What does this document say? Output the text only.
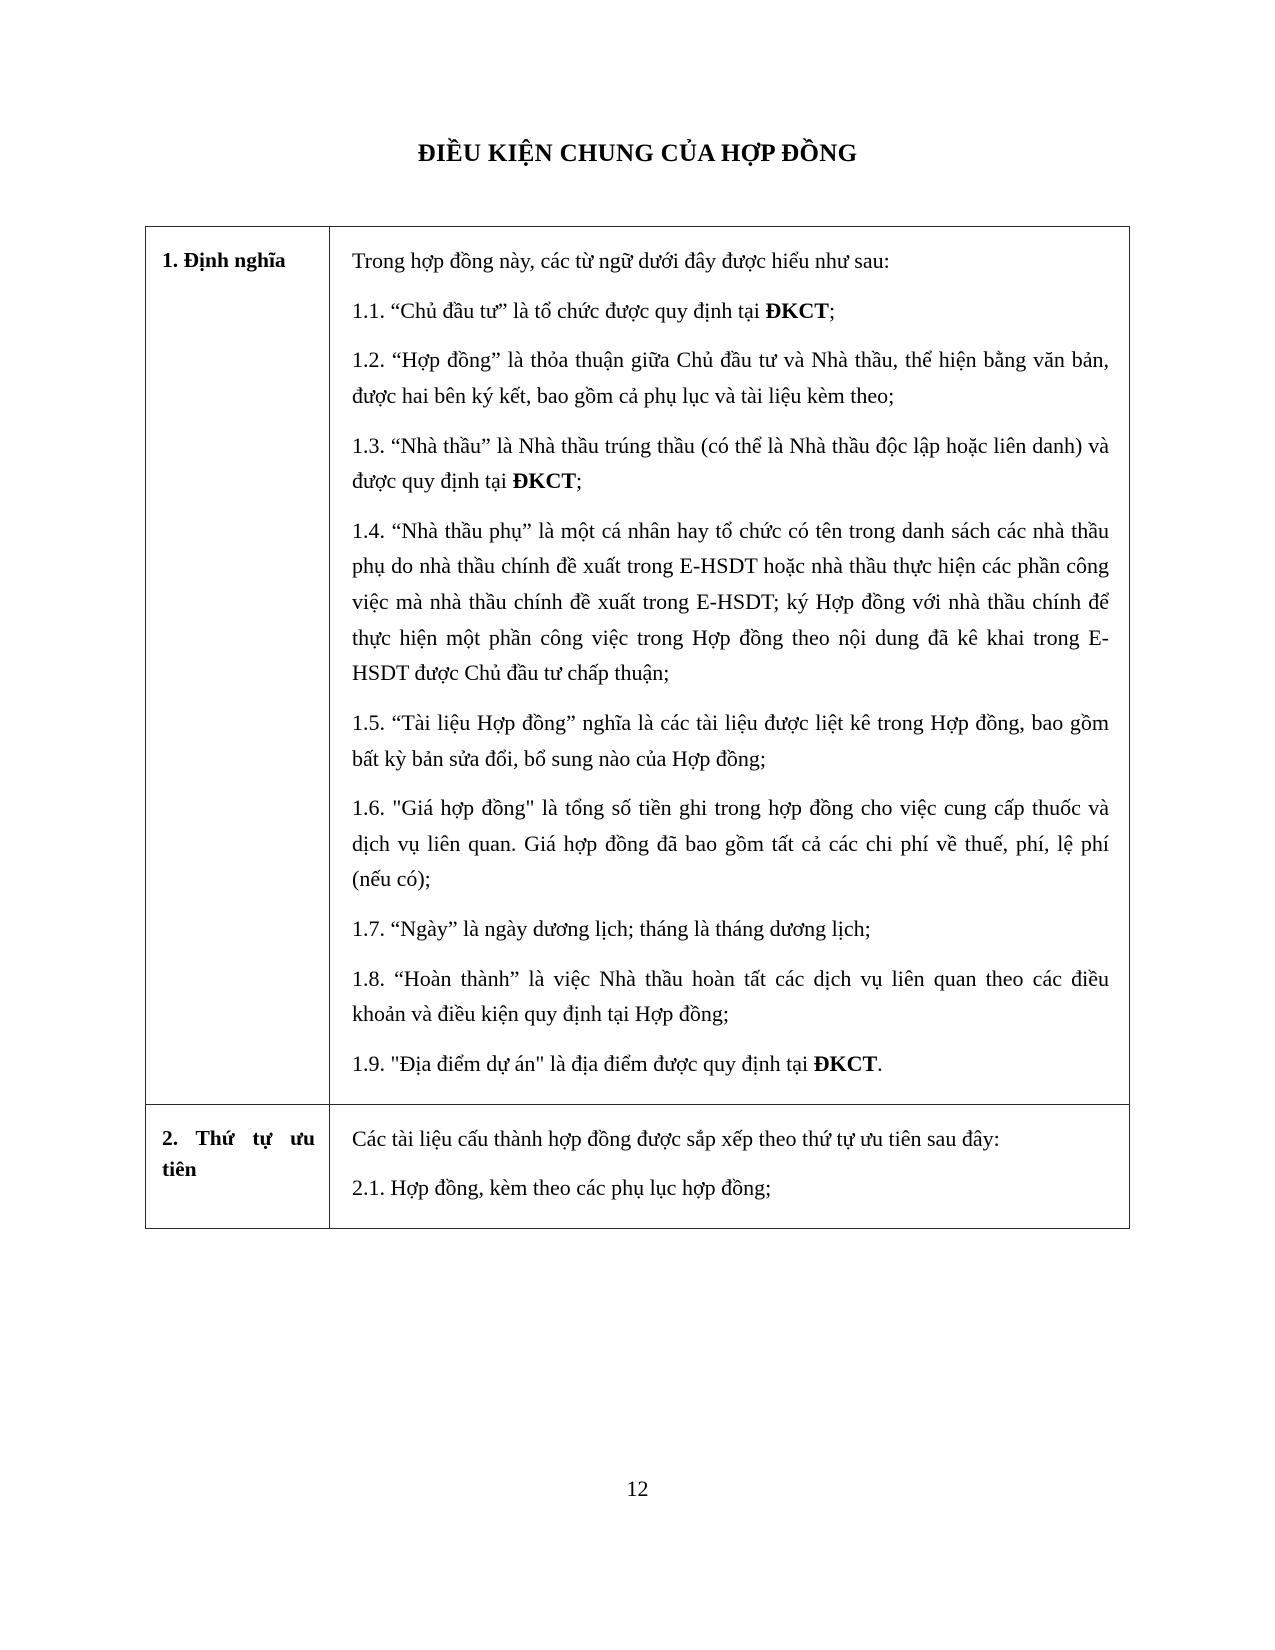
ĐIỀU KIỆN CHUNG CỦA HỢP ĐỒNG
1. Định nghĩa	Trong hợp đồng này, các từ ngữ dưới đây được hiểu như sau:

1.1. “Chủ đầu tư” là tổ chức được quy định tại ĐKCT;

1.2. “Hợp đồng” là thỏa thuận giữa Chủ đầu tư và Nhà thầu, thể hiện bằng văn bản, được hai bên ký kết, bao gồm cả phụ lục và tài liệu kèm theo;

1.3. “Nhà thầu” là Nhà thầu trúng thầu (có thể là Nhà thầu độc lập hoặc liên danh) và được quy định tại ĐKCT;

1.4. “Nhà thầu phụ” là một cá nhân hay tổ chức có tên trong danh sách các nhà thầu phụ do nhà thầu chính đề xuất trong E-HSDT hoặc nhà thầu thực hiện các phần công việc mà nhà thầu chính đề xuất trong E-HSDT; ký Hợp đồng với nhà thầu chính để thực hiện một phần công việc trong Hợp đồng theo nội dung đã kê khai trong E-HSDT được Chủ đầu tư chấp thuận;

1.5. “Tài liệu Hợp đồng” nghĩa là các tài liệu được liệt kê trong Hợp đồng, bao gồm bất kỳ bản sửa đổi, bổ sung nào của Hợp đồng;

1.6. "Giá hợp đồng" là tổng số tiền ghi trong hợp đồng cho việc cung cấp thuốc và dịch vụ liên quan. Giá hợp đồng đã bao gồm tất cả các chi phí về thuế, phí, lệ phí (nếu có);

1.7. “Ngày” là ngày dương lịch; tháng là tháng dương lịch;

1.8. “Hoàn thành” là việc Nhà thầu hoàn tất các dịch vụ liên quan theo các điều khoản và điều kiện quy định tại Hợp đồng;

1.9. "Địa điểm dự án" là địa điểm được quy định tại ĐKCT.

2. Thứ tự ưu tiên	Các tài liệu cấu thành hợp đồng được sắp xếp theo thứ tự ưu tiên sau đây:

2.1. Hợp đồng, kèm theo các phụ lục hợp đồng;

12
